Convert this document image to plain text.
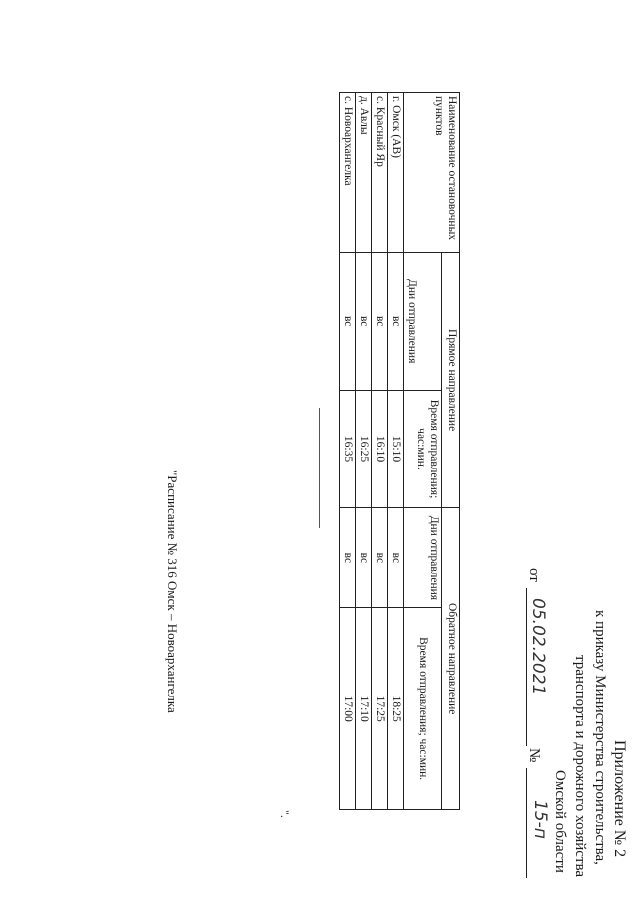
Приложение № 2
к приказу Министерства строительства,
транспорта и дорожного хозяйства
Омской области
от
05.02.2021
№
15-п
"Расписание № 316 Омск – Новоархангелка
Наименование остановочных пунктов	Прямое направление		Обратное направление	
	Дни отправления	Время отправления; час:мин.	Дни отправления	Время отправления; час:мин.
г. Омск (АВ)	вс	15:10	вс	18:25
с. Красный Яр	вс	16:10	вс	17:25
д. Авлы	вс	16:25	вс	17:10
с. Новоархангелка	вс	16:35	вс	17:00
".
